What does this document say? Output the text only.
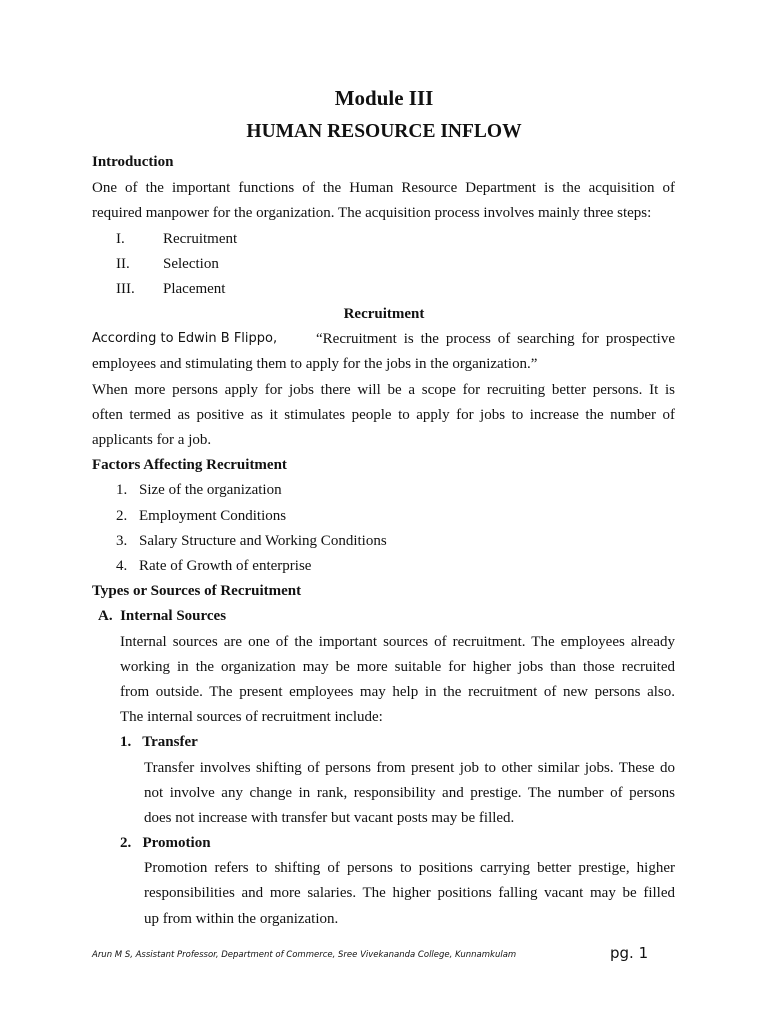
Module III
HUMAN RESOURCE INFLOW

Introduction

One of the important functions of the Human Resource Department is the acquisition of

required manpower for the organization. The acquisition process involves mainly three steps:

I.	Recruitment

II. Selection

III. Placement

Recruitment

According to Edwin B Flippo,	“Recruitment is the process of searching for prospective

employees and stimulating them to apply for the jobs in the organization.”

When more persons apply for jobs there will be a scope for recruiting better persons. It is

often termed as positive as it stimulates people to apply for jobs to increase the number of

applicants for a job.

Factors Affecting Recruitment

1. Size of the organization

2. Employment Conditions

3. Salary Structure and Working Conditions

4. Rate of Growth of enterprise

Types or Sources of Recruitment

A.  Internal Sources

Internal sources are one of the important sources of recruitment. The employees already

working in the organization may be more suitable for higher jobs than those recruited

from outside. The present employees may help in the recruitment of new persons also.

The internal sources of recruitment include:

1.   Transfer

Transfer involves shifting of persons from present job to other similar jobs. These do

not involve any change in rank, responsibility and prestige. The number of persons

does not increase with transfer but vacant posts may be filled.

2.   Promotion

Promotion refers to shifting of persons to positions carrying better prestige, higher

responsibilities and more salaries. The higher positions falling vacant may be filled

up from within the organization.

Arun M S, Assistant Professor, Department of Commerce, Sree Vivekananda College, Kunnamkulam	pg. 1
